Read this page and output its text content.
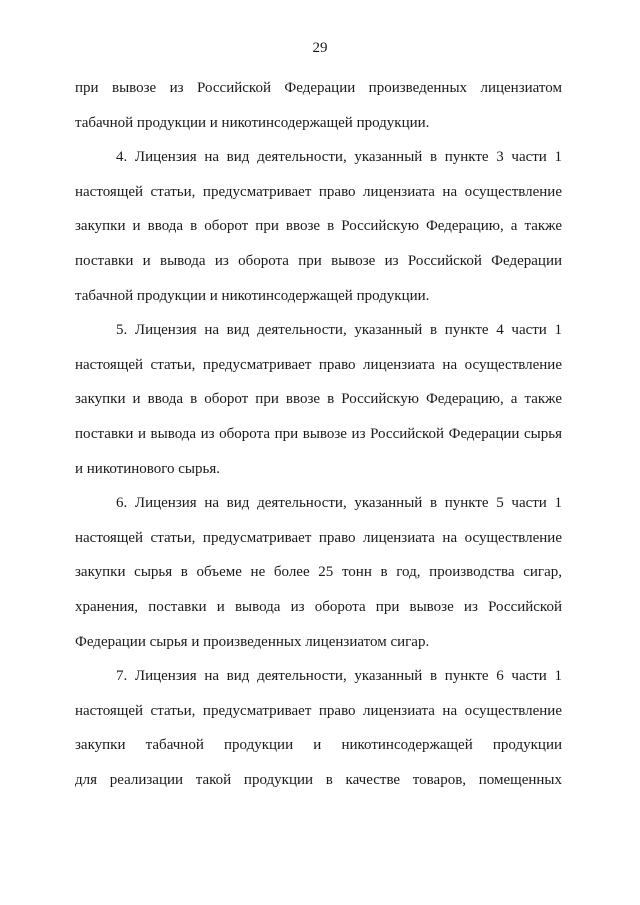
29
при вывозе из Российской Федерации произведенных лицензиатом
табачной продукции и никотинсодержащей продукции.
4. Лицензия на вид деятельности, указанный в пункте 3 части 1
настоящей статьи, предусматривает право лицензиата на осуществление
закупки и ввода в оборот при ввозе в Российскую Федерацию, а также
поставки и вывода из оборота при вывозе из Российской Федерации
табачной продукции и никотинсодержащей продукции.
5. Лицензия на вид деятельности, указанный в пункте 4 части 1
настоящей статьи, предусматривает право лицензиата на осуществление
закупки и ввода в оборот при ввозе в Российскую Федерацию, а также
поставки и вывода из оборота при вывозе из Российской Федерации сырья
и никотинового сырья.
6. Лицензия на вид деятельности, указанный в пункте 5 части 1
настоящей статьи, предусматривает право лицензиата на осуществление
закупки сырья в объеме не более 25 тонн в год, производства сигар,
хранения, поставки и вывода из оборота при вывозе из Российской
Федерации сырья и произведенных лицензиатом сигар.
7. Лицензия на вид деятельности, указанный в пункте 6 части 1
настоящей статьи, предусматривает право лицензиата на осуществление
закупки табачной продукции и никотинсодержащей продукции
для реализации такой продукции в качестве товаров, помещенных
